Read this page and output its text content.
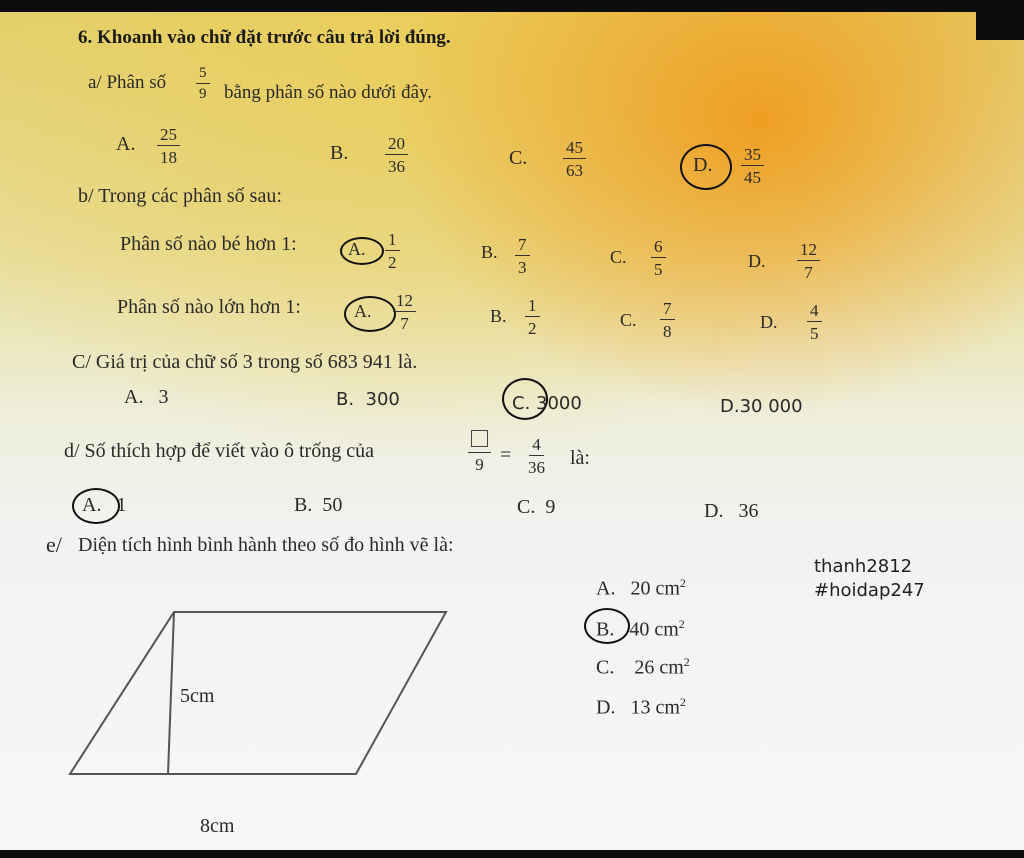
6. Khoanh vào chữ đặt trước câu trả lời đúng.
a/ Phân số $\frac{5}{9}$ bằng phân số nào dưới đây.
A. $\frac{25}{18}$	B. $\frac{20}{36}$	C. $\frac{45}{63}$	D. $\frac{35}{45}$
b/ Trong các phân số sau:
Phân số nào bé hơn 1:	A. $\frac{1}{2}$	B. $\frac{7}{3}$	C. $\frac{6}{5}$	D. $\frac{12}{7}$
Phân số nào lớn hơn 1:	A. $\frac{12}{7}$	B. $\frac{1}{2}$	C. $\frac{7}{8}$	D. $\frac{4}{5}$
C/ Giá trị của chữ số 3 trong số 683 941 là.
A. 3	B. 300	C. 3000	D.30 000
d/ Số thích hợp để viết vào ô trống của
$9 = \frac{4}{36}$ là:
A. 1	B. 50	C. 9	D. 36
e/ Diện tích hình bình hành theo số đo hình vẽ là:
5cm
8cm
A. 20 $cm^2$
B. 40 $cm^2$
C. 26 $cm^2$
D. 13 $cm^2$
thanh2812
#hoidap247
